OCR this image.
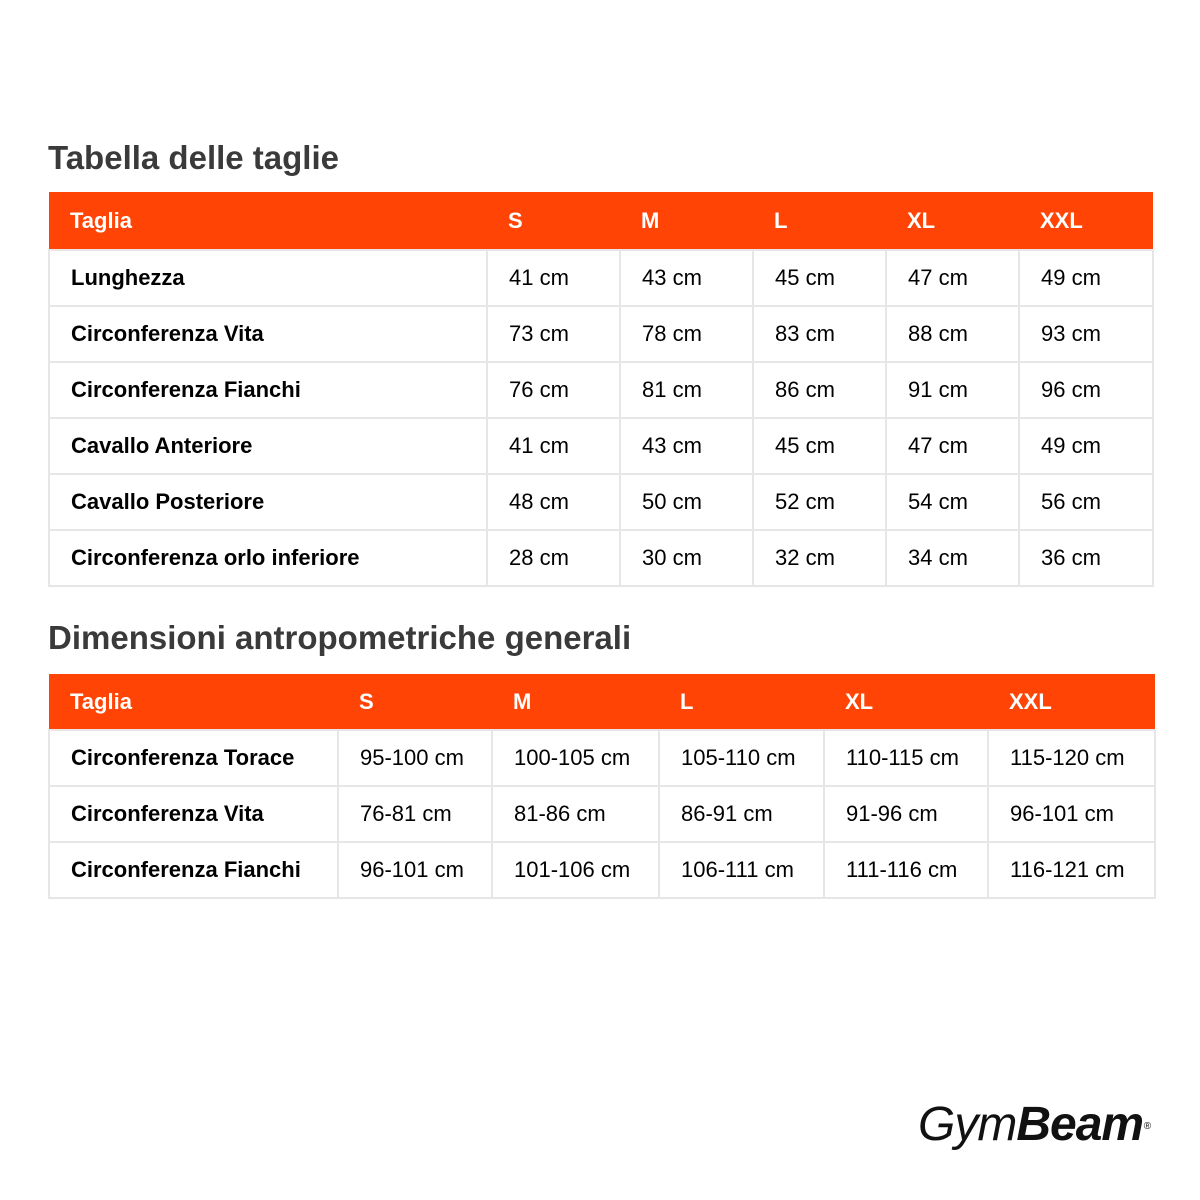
Tabella delle taglie
Taglia	S	M	L	XL	XXL
Lunghezza	41 cm	43 cm	45 cm	47 cm	49 cm
Circonferenza Vita	73 cm	78 cm	83 cm	88 cm	93 cm
Circonferenza Fianchi	76 cm	81 cm	86 cm	91 cm	96 cm
Cavallo Anteriore	41 cm	43 cm	45 cm	47 cm	49 cm
Cavallo Posteriore	48 cm	50 cm	52 cm	54 cm	56 cm
Circonferenza orlo inferiore	28 cm	30 cm	32 cm	34 cm	36 cm
Dimensioni antropometriche generali
Taglia	S	M	L	XL	XXL
Circonferenza Torace	95-100 cm	100-105 cm	105-110 cm	110-115 cm	115-120 cm
Circonferenza Vita	76-81 cm	81-86 cm	86-91 cm	91-96 cm	96-101 cm
Circonferenza Fianchi	96-101 cm	101-106 cm	106-111 cm	111-116 cm	116-121 cm
GymBeam ®
